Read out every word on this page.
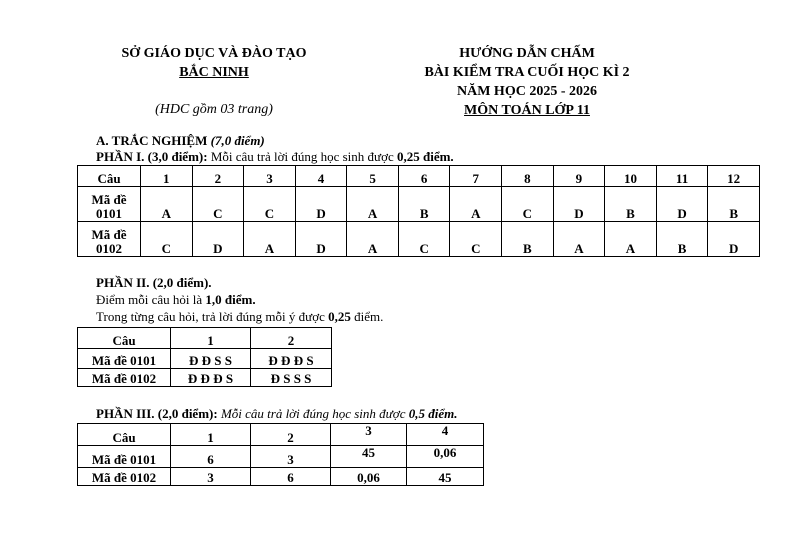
SỞ GIÁO DỤC VÀ ĐÀO TẠO
BẮC NINH
(HDC gồm 03 trang)
HƯỚNG DẪN CHẤM
BÀI KIỂM TRA CUỐI HỌC KÌ 2
NĂM HỌC 2025 - 2026
MÔN TOÁN LỚP 11
A. TRẮC NGHIỆM (7,0 điểm)
PHẦN I. (3,0 điểm): Mỗi câu trả lời đúng học sinh được 0,25 điểm.
Câu	1	2	3	4	5	6	7	8	9	10	11	12
Mã đề
0101	A	C	C	D	A	B	A	C	D	B	D	B
Mã đề
0102	C	D	A	D	A	C	C	B	A	A	B	D
PHẦN II. (2,0 điểm).
Điểm mỗi câu hỏi là 1,0 điểm.
Trong từng câu hỏi, trả lời đúng mỗi ý được 0,25 điểm.
Câu	1	2
Mã đề 0101	Đ Đ S S	Đ Đ Đ S
Mã đề 0102	Đ Đ Đ S	Đ S S S
PHẦN III. (2,0 điểm): Mỗi câu trả lời đúng học sinh được 0,5 điểm.
Câu	1	2	3	4
Mã đề 0101	6	3	45	0,06
Mã đề 0102	3	6	0,06	45
